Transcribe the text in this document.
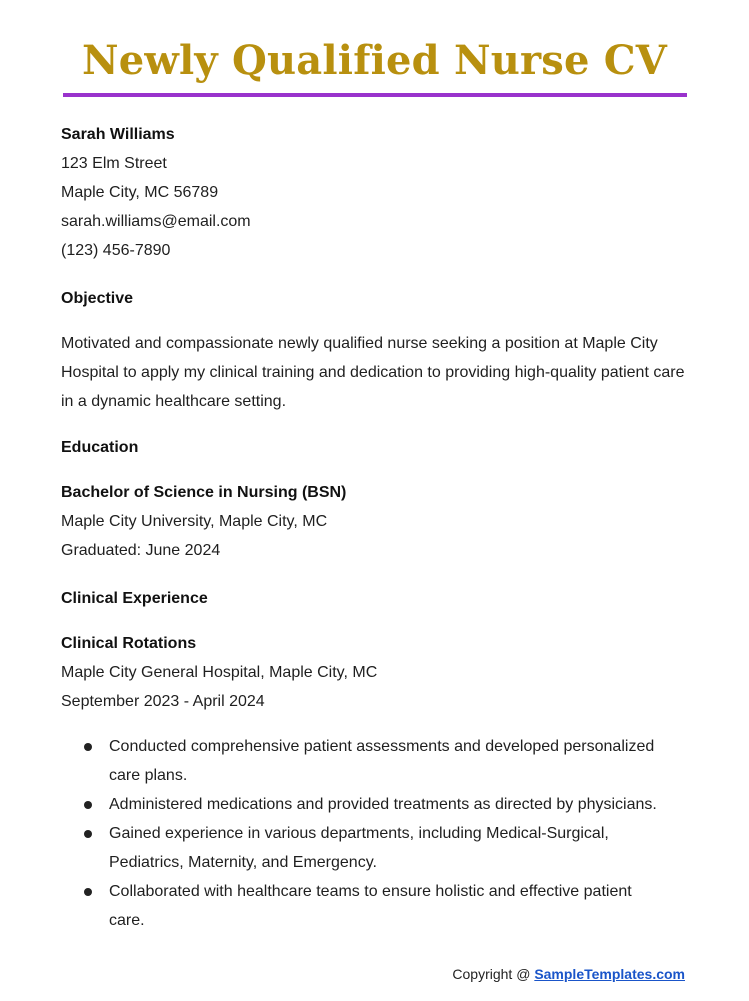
Newly Qualified Nurse CV
Sarah Williams
123 Elm Street
Maple City, MC 56789
sarah.williams@email.com
(123) 456-7890
Objective
Motivated and compassionate newly qualified nurse seeking a position at Maple City Hospital to apply my clinical training and dedication to providing high-quality patient care in a dynamic healthcare setting.
Education
Bachelor of Science in Nursing (BSN)
Maple City University, Maple City, MC
Graduated: June 2024
Clinical Experience
Clinical Rotations
Maple City General Hospital, Maple City, MC
September 2023 - April 2024
Conducted comprehensive patient assessments and developed personalized care plans.
Administered medications and provided treatments as directed by physicians.
Gained experience in various departments, including Medical-Surgical, Pediatrics, Maternity, and Emergency.
Collaborated with healthcare teams to ensure holistic and effective patient care.
Copyright @ SampleTemplates.com
